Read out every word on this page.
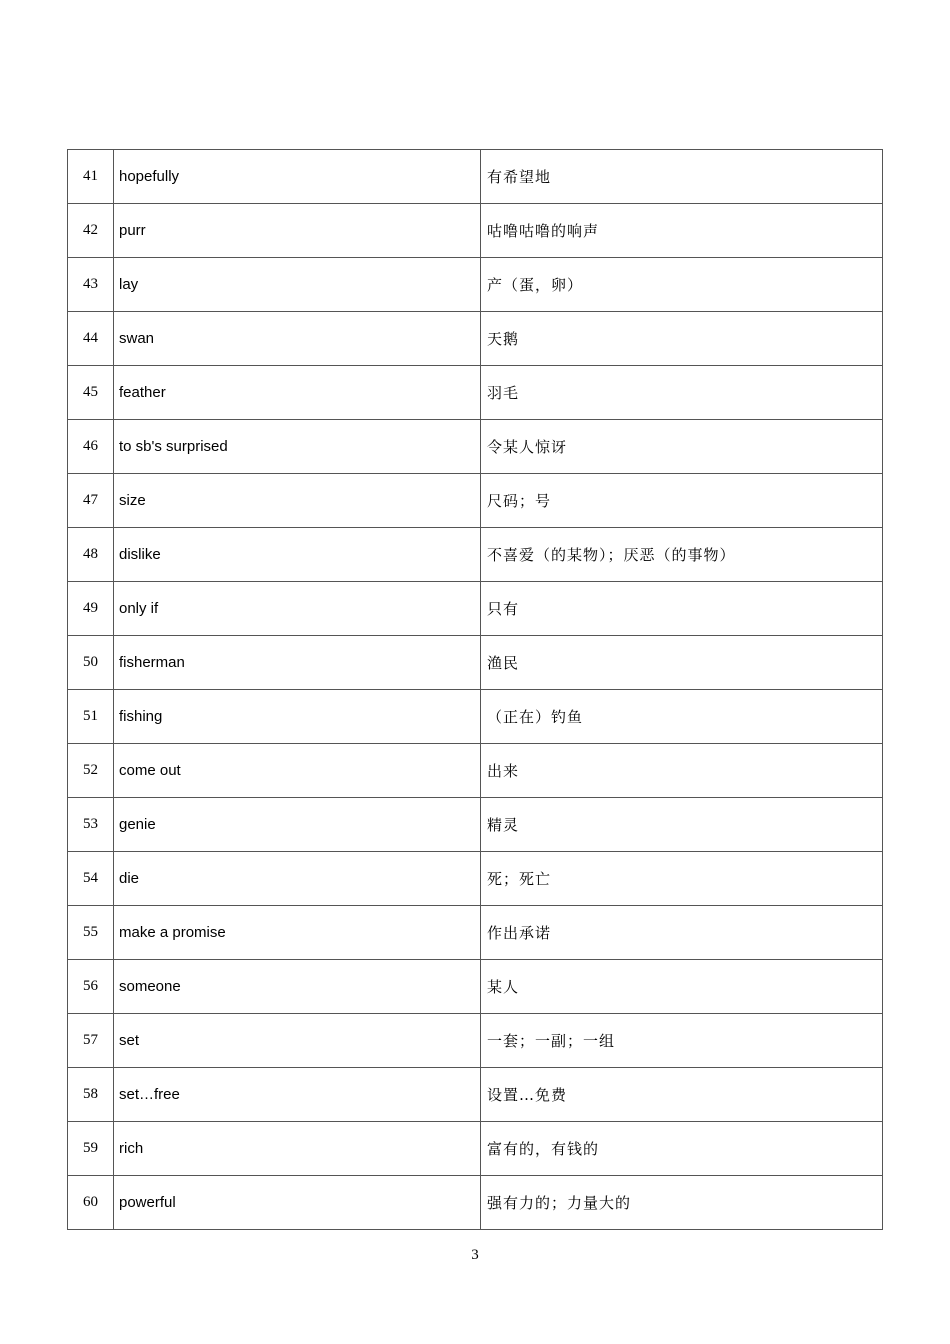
41	hopefully	有希望地
42	purr	咕噜咕噜的响声
43	lay	产（蛋，卵）
44	swan	天鹅
45	feather	羽毛
46	to sb's surprised	令某人惊讶
47	size	尺码；号
48	dislike	不喜爱（的某物）；厌恶（的事物）
49	only if	只有
50	fisherman	渔民
51	fishing	（正在）钓鱼
52	come out	出来
53	genie	精灵
54	die	死；死亡
55	make a promise	作出承诺
56	someone	某人
57	set	一套；一副；一组
58	set…free	设置…免费
59	rich	富有的，有钱的
60	powerful	强有力的；力量大的
3
